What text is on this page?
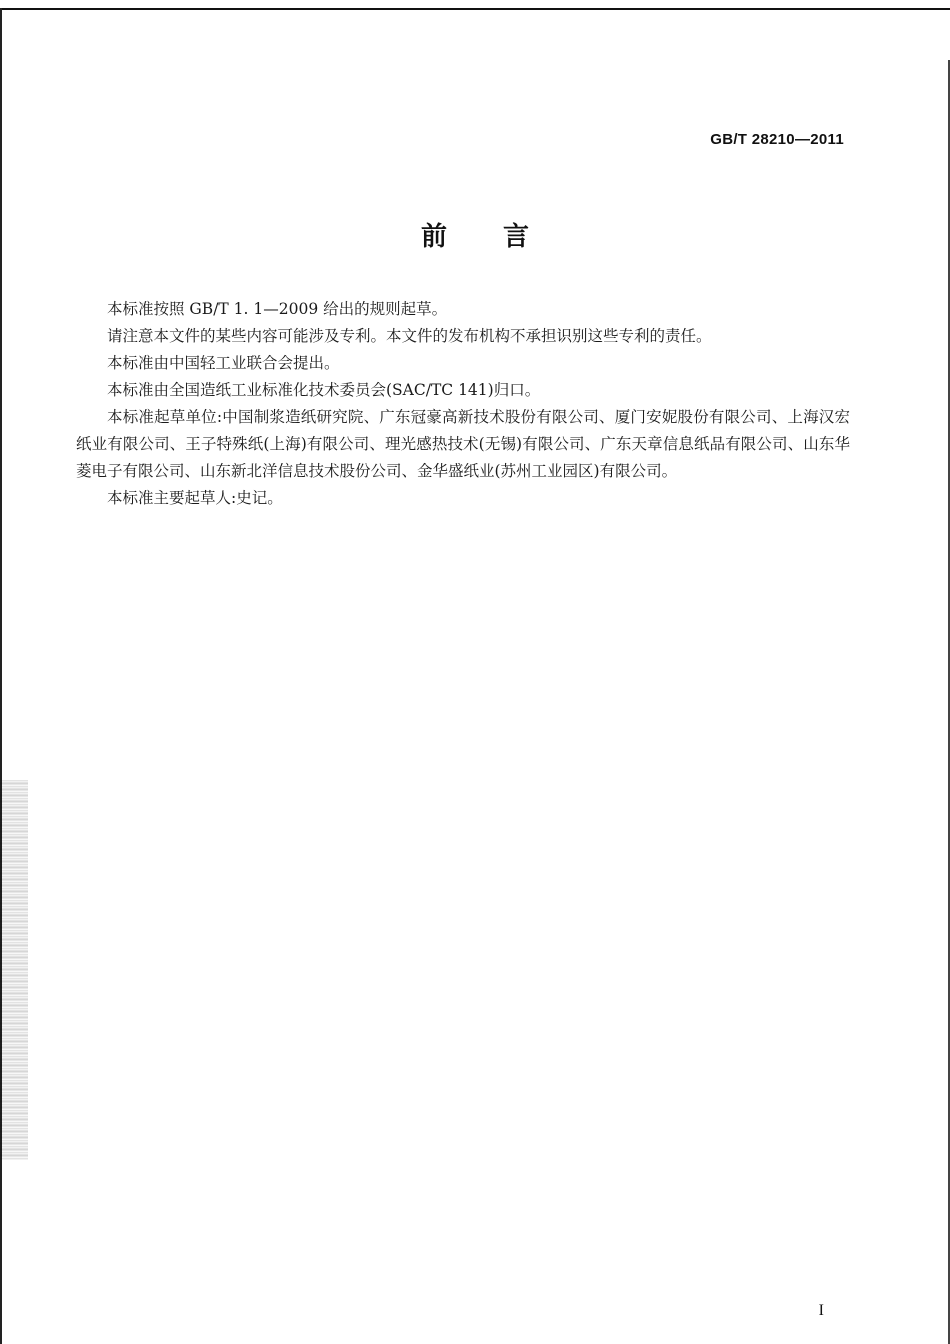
GB/T 28210—2011
前 言

本标准按照 GB/T 1. 1—2009 给出的规则起草。

请注意本文件的某些内容可能涉及专利。本文件的发布机构不承担识别这些专利的责任。

本标准由中国轻工业联合会提出。

本标准由全国造纸工业标准化技术委员会(SAC/TC 141)归口。

本标准起草单位:中国制浆造纸研究院、广东冠豪高新技术股份有限公司、厦门安妮股份有限公司、上海汉宏纸业有限公司、王子特殊纸(上海)有限公司、理光感热技术(无锡)有限公司、广东天章信息纸品有限公司、山东华菱电子有限公司、山东新北洋信息技术股份公司、金华盛纸业(苏州工业园区)有限公司。

本标准主要起草人:史记。

I
